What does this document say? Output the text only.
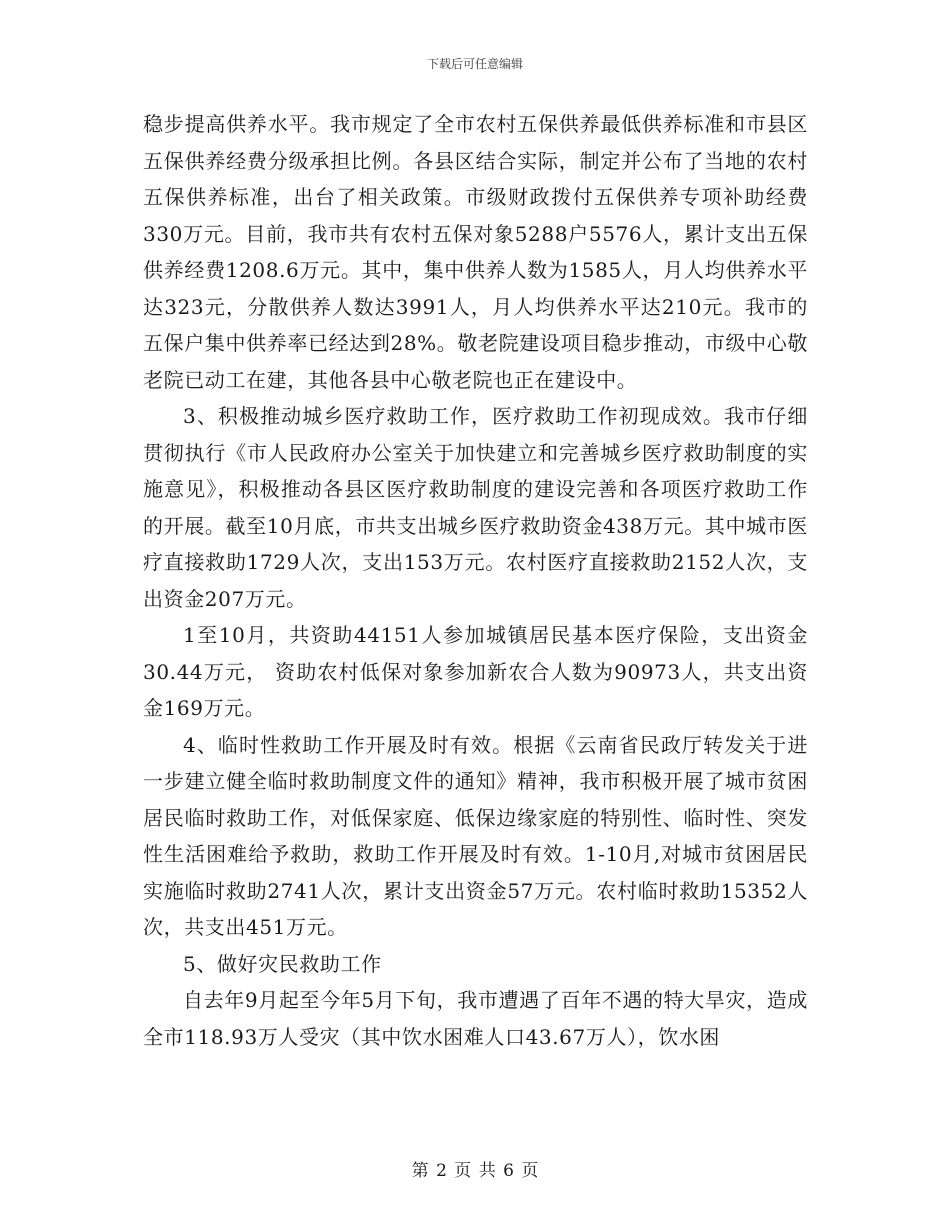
下载后可任意编辑

稳步提高供养水平。我市规定了全市农村五保供养最低供养标准和市县区五保供养经费分级承担比例。各县区结合实际，制定并公布了当地的农村五保供养标准，出台了相关政策。市级财政拨付五保供养专项补助经费330万元。目前，我市共有农村五保对象5288户5576人，累计支出五保供养经费1208.6万元。其中，集中供养人数为1585人，月人均供养水平达323元，分散供养人数达3991人，月人均供养水平达210元。我市的五保户集中供养率已经达到28%。敬老院建设项目稳步推动，市级中心敬老院已动工在建，其他各县中心敬老院也正在建设中。

3、积极推动城乡医疗救助工作，医疗救助工作初现成效。我市仔细贯彻执行《市人民政府办公室关于加快建立和完善城乡医疗救助制度的实施意见》，积极推动各县区医疗救助制度的建设完善和各项医疗救助工作的开展。截至10月底，市共支出城乡医疗救助资金438万元。其中城市医疗直接救助1729人次，支出153万元。农村医疗直接救助2152人次，支出资金207万元。

1至10月，共资助44151人参加城镇居民基本医疗保险，支出资金30.44万元， 资助农村低保对象参加新农合人数为90973人，共支出资金169万元。

4、临时性救助工作开展及时有效。根据《云南省民政厅转发关于进一步建立健全临时救助制度文件的通知》精神，我市积极开展了城市贫困居民临时救助工作，对低保家庭、低保边缘家庭的特别性、临时性、突发性生活困难给予救助，救助工作开展及时有效。1-10月,对城市贫困居民实施临时救助2741人次，累计支出资金57万元。农村临时救助15352人次，共支出451万元。

5、做好灾民救助工作

自去年9月起至今年5月下旬，我市遭遇了百年不遇的特大旱灾，造成全市118.93万人受灾（其中饮水困难人口43.67万人），饮水困

第 2 页 共 6 页
